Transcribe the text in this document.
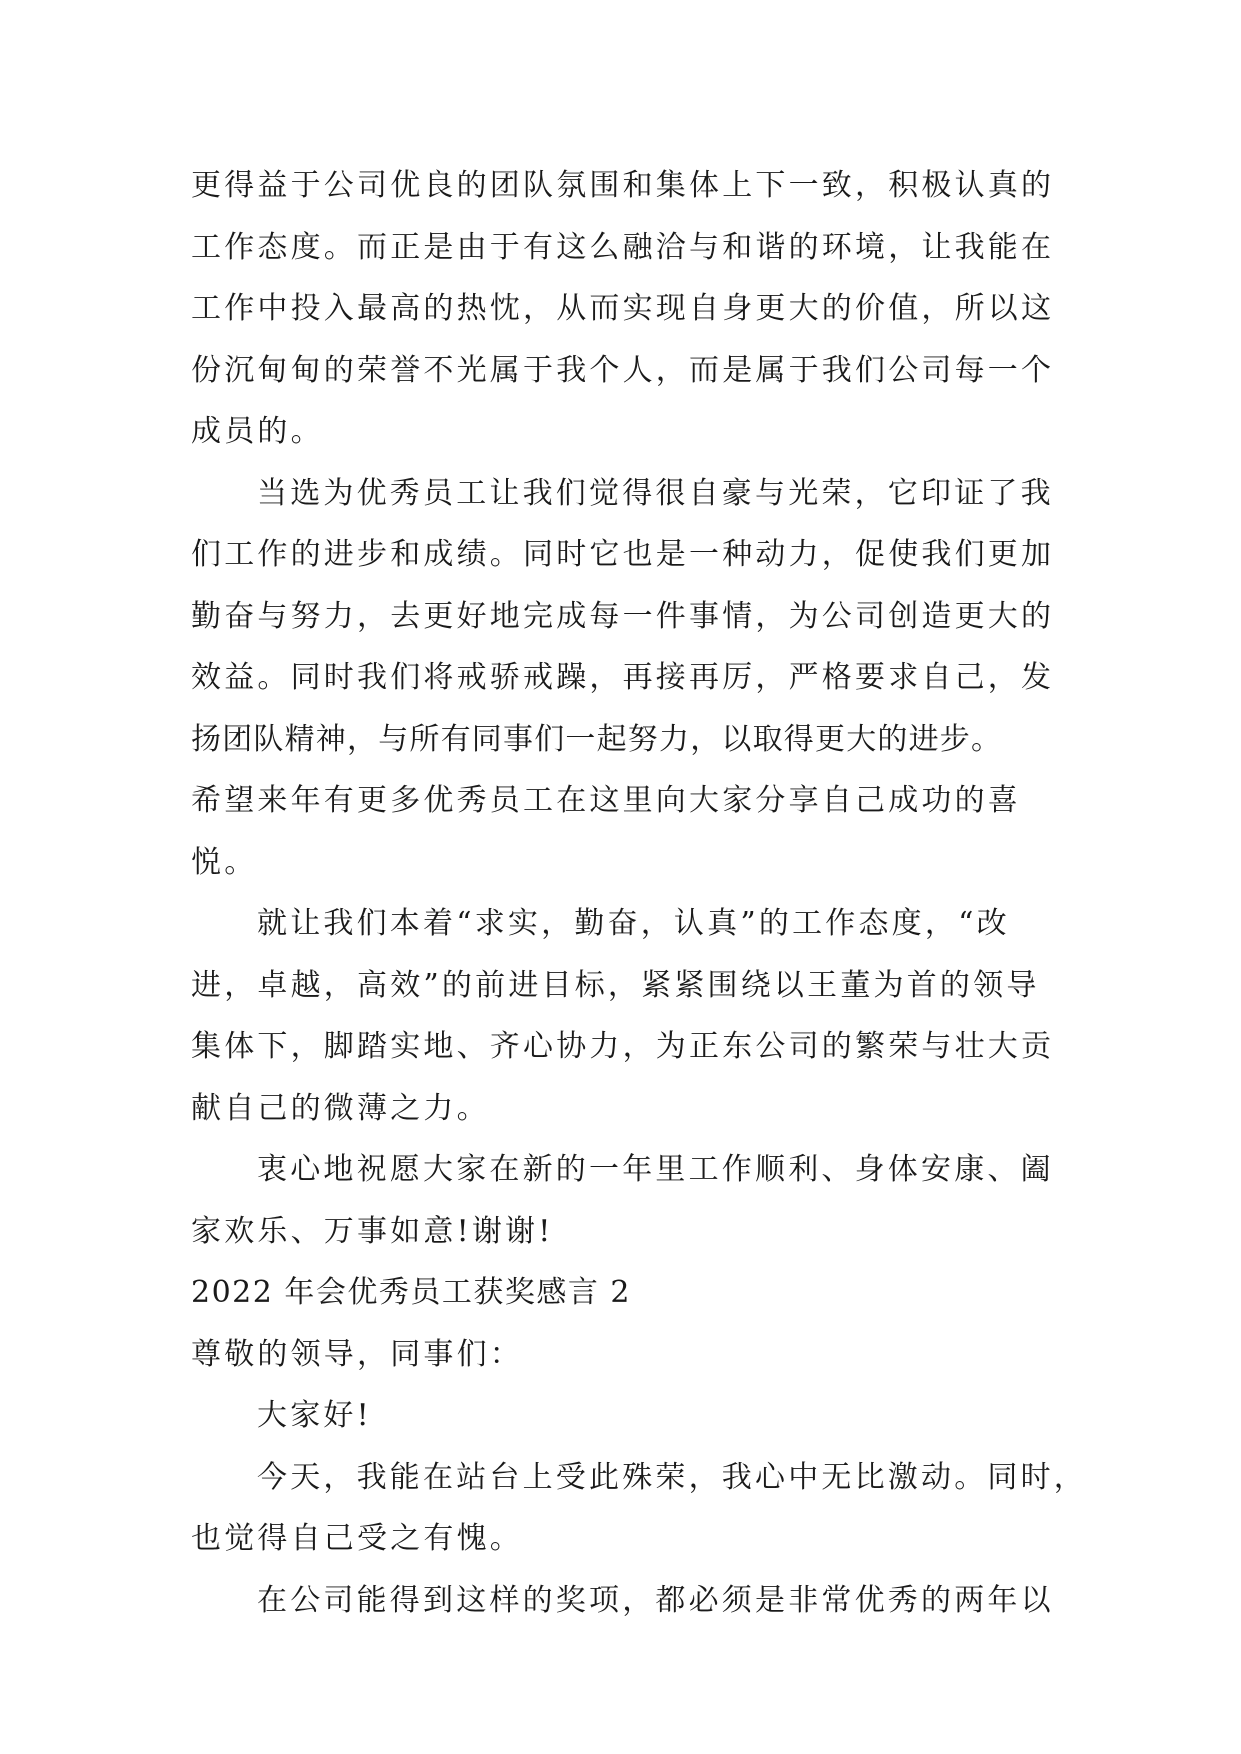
更得益于公司优良的团队氛围和集体上下一致，积极认真的
工作态度。而正是由于有这么融洽与和谐的环境，让我能在
工作中投入最高的热忱，从而实现自身更大的价值，所以这
份沉甸甸的荣誉不光属于我个人，而是属于我们公司每一个
成员的。
当选为优秀员工让我们觉得很自豪与光荣，它印证了我
们工作的进步和成绩。同时它也是一种动力，促使我们更加
勤奋与努力，去更好地完成每一件事情，为公司创造更大的
效益。同时我们将戒骄戒躁，再接再厉，严格要求自己，发
扬团队精神，与所有同事们一起努力，以取得更大的进步。
希望来年有更多优秀员工在这里向大家分享自己成功的喜
悦。
就让我们本着“求实，勤奋，认真”的工作态度，“改
进，卓越，高效”的前进目标，紧紧围绕以王董为首的领导
集体下，脚踏实地、齐心协力，为正东公司的繁荣与壮大贡
献自己的微薄之力。
衷心地祝愿大家在新的一年里工作顺利、身体安康、阖
家欢乐、万事如意!谢谢!
2022 年会优秀员工获奖感言 2
尊敬的领导，同事们：
大家好!
今天，我能在站台上受此殊荣，我心中无比激动。同时，
也觉得自己受之有愧。
在公司能得到这样的奖项，都必须是非常优秀的两年以
